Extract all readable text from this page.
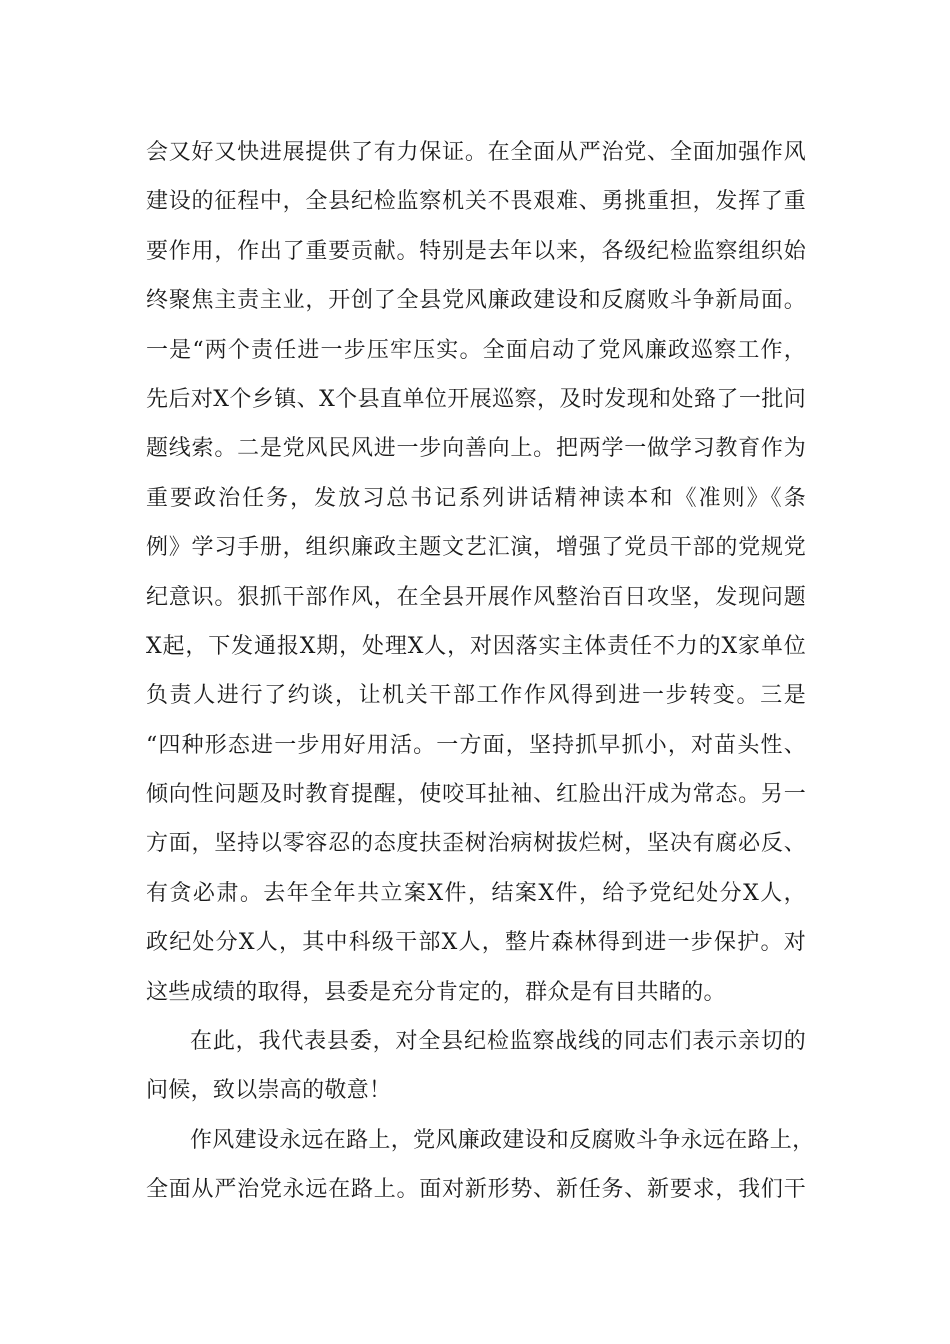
会又好又快进展提供了有力保证。在全面从严治党、全面加强作风
建设的征程中，全县纪检监察机关不畏艰难、勇挑重担，发挥了重
要作用，作出了重要贡献。特别是去年以来，各级纪检监察组织始
终聚焦主责主业，开创了全县党风廉政建设和反腐败斗争新局面。
一是“两个责任进一步压牢压实。全面启动了党风廉政巡察工作，
先后对X个乡镇、X个县直单位开展巡察，及时发现和处臵了一批问
题线索。二是党风民风进一步向善向上。把两学一做学习教育作为
重要政治任务，发放习总书记系列讲话精神读本和《准则》《条
例》学习手册，组织廉政主题文艺汇演，增强了党员干部的党规党
纪意识。狠抓干部作风，在全县开展作风整治百日攻坚，发现问题
X起，下发通报X期，处理X人，对因落实主体责任不力的X家单位
负责人进行了约谈，让机关干部工作作风得到进一步转变。三是
“四种形态进一步用好用活。一方面，坚持抓早抓小，对苗头性、
倾向性问题及时教育提醒，使咬耳扯袖、红脸出汗成为常态。另一
方面，坚持以零容忍的态度扶歪树治病树拔烂树，坚决有腐必反、
有贪必肃。去年全年共立案X件，结案X件，给予党纪处分X人，
政纪处分X人，其中科级干部X人，整片森林得到进一步保护。对
这些成绩的取得，县委是充分肯定的，群众是有目共睹的。
在此，我代表县委，对全县纪检监察战线的同志们表示亲切的
问候，致以崇高的敬意！
作风建设永远在路上，党风廉政建设和反腐败斗争永远在路上，
全面从严治党永远在路上。面对新形势、新任务、新要求，我们干
